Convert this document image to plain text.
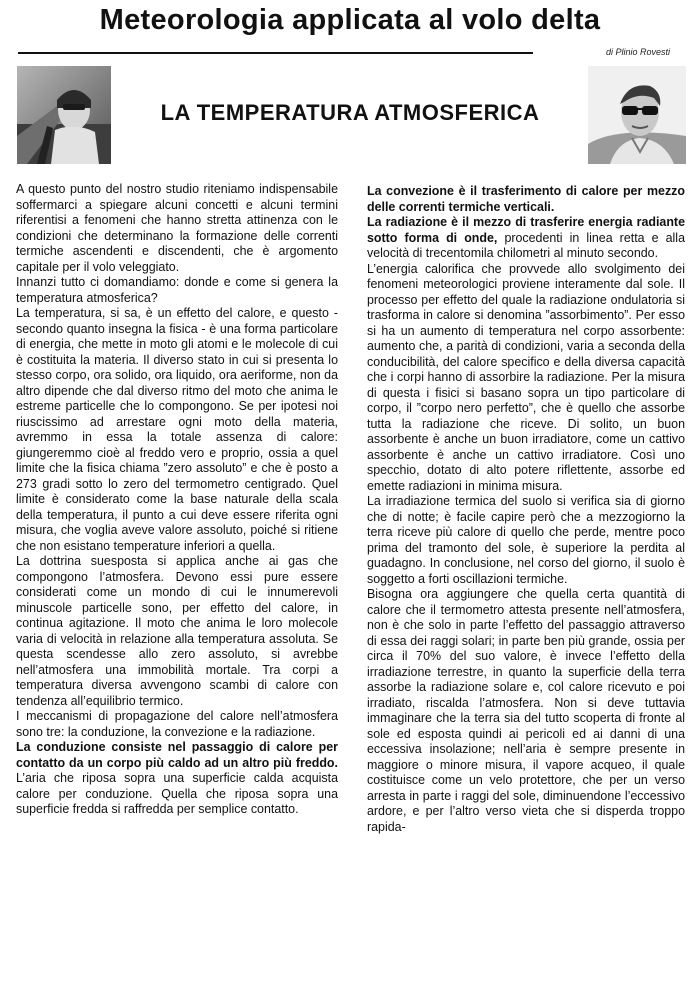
Meteorologia applicata al volo delta
di Plinio Rovesti
LA TEMPERATURA ATMOSFERICA

A questo punto del nostro studio riteniamo indispensabile soffermarci a spiegare alcuni concetti e alcuni termini riferentisi a fenomeni che hanno stretta attinenza con le condizioni che determinano la formazione delle correnti termiche ascendenti e discendenti, che è argomento capitale per il volo veleggiato.

Innanzi tutto ci domandiamo: donde e come si genera la temperatura atmosferica?

La temperatura, si sa, è un effetto del calore, e questo - secondo quanto insegna la fisica - è una forma particolare di energia, che mette in moto gli atomi e le molecole di cui è costituita la materia. Il diverso stato in cui si presenta lo stesso corpo, ora solido, ora liquido, ora aeriforme, non da altro dipende che dal diverso ritmo del moto che anima le estreme particelle che lo compongono. Se per ipotesi noi riuscissimo ad arrestare ogni moto della materia, avremmo in essa la totale assenza di calore: giungeremmo cioè al freddo vero e proprio, ossia a quel limite che la fisica chiama ”zero assoluto” e che è posto a 273 gradi sotto lo zero del termometro centigrado. Quel limite è considerato come la base naturale della scala della temperatura, il punto a cui deve essere riferita ogni misura, che voglia aveve valore assoluto, poiché si ritiene che non esistano temperature inferiori a quella.

La dottrina suesposta si applica anche ai gas che compongono l’atmosfera. Devono essi pure essere considerati come un mondo di cui le innumerevoli minuscole particelle sono, per effetto del calore, in continua agitazione. Il moto che anima le loro molecole varia di velocità in relazione alla temperatura assoluta. Se questa scendesse allo zero assoluto, si avrebbe nell’atmosfera una immobilità mortale. Tra corpi a temperatura diversa avvengono scambi di calore con tendenza all’equilibrio termico.

I meccanismi di propagazione del calore nell’atmosfera sono tre: la conduzione, la convezione e la radiazione.

La conduzione consiste nel passaggio di calore per contatto da un corpo più caldo ad un altro più freddo. L’aria che riposa sopra una superficie calda acquista calore per conduzione. Quella che riposa sopra una superficie fredda si raffredda per semplice contatto.

La convezione è il trasferimento di calore per mezzo delle correnti termiche verticali.

La radiazione è il mezzo di trasferire energia radiante sotto forma di onde, procedenti in linea retta e alla velocità di trecentomila chilometri al minuto secondo.

L’energia calorifica che provvede allo svolgimento dei fenomeni meteorologici proviene interamente dal sole. Il processo per effetto del quale la radiazione ondulatoria si trasforma in calore si denomina ”assorbimento”. Per esso si ha un aumento di temperatura nel corpo assorbente: aumento che, a parità di condizioni, varia a seconda della conducibilità, del calore specifico e della diversa capacità che i corpi hanno di assorbire la radiazione. Per la misura di questa i fisici si basano sopra un tipo particolare di corpo, il ”corpo nero perfetto”, che è quello che assorbe tutta la radiazione che riceve. Di solito, un buon assorbente è anche un buon irradiatore, come un cattivo assorbente è anche un cattivo irradiatore. Così uno specchio, dotato di alto potere riflettente, assorbe ed emette radiazioni in minima misura.

La irradiazione termica del suolo si verifica sia di giorno che di notte; è facile capire però che a mezzogiorno la terra riceve più calore di quello che perde, mentre poco prima del tramonto del sole, è superiore la perdita al guadagno. In conclusione, nel corso del giorno, il suolo è soggetto a forti oscillazioni termiche.

Bisogna ora aggiungere che quella certa quantità di calore che il termometro attesta presente nell’atmosfera, non è che solo in parte l’effetto del passaggio attraverso di essa dei raggi solari; in parte ben più grande, ossia per circa il 70% del suo valore, è invece l’effetto della irradiazione terrestre, in quanto la superficie della terra assorbe la radiazione solare e, col calore ricevuto e poi irradiato, riscalda l’atmosfera. Non si deve tuttavia immaginare che la terra sia del tutto scoperta di fronte al sole ed esposta quindi ai pericoli ed ai danni di una eccessiva insolazione; nell’aria è sempre presente in maggiore o minore misura, il vapore acqueo, il quale costituisce come un velo protettore, che per un verso arresta in parte i raggi del sole, diminuendone l’eccessivo ardore, e per l’altro verso vieta che si disperda troppo rapida-
